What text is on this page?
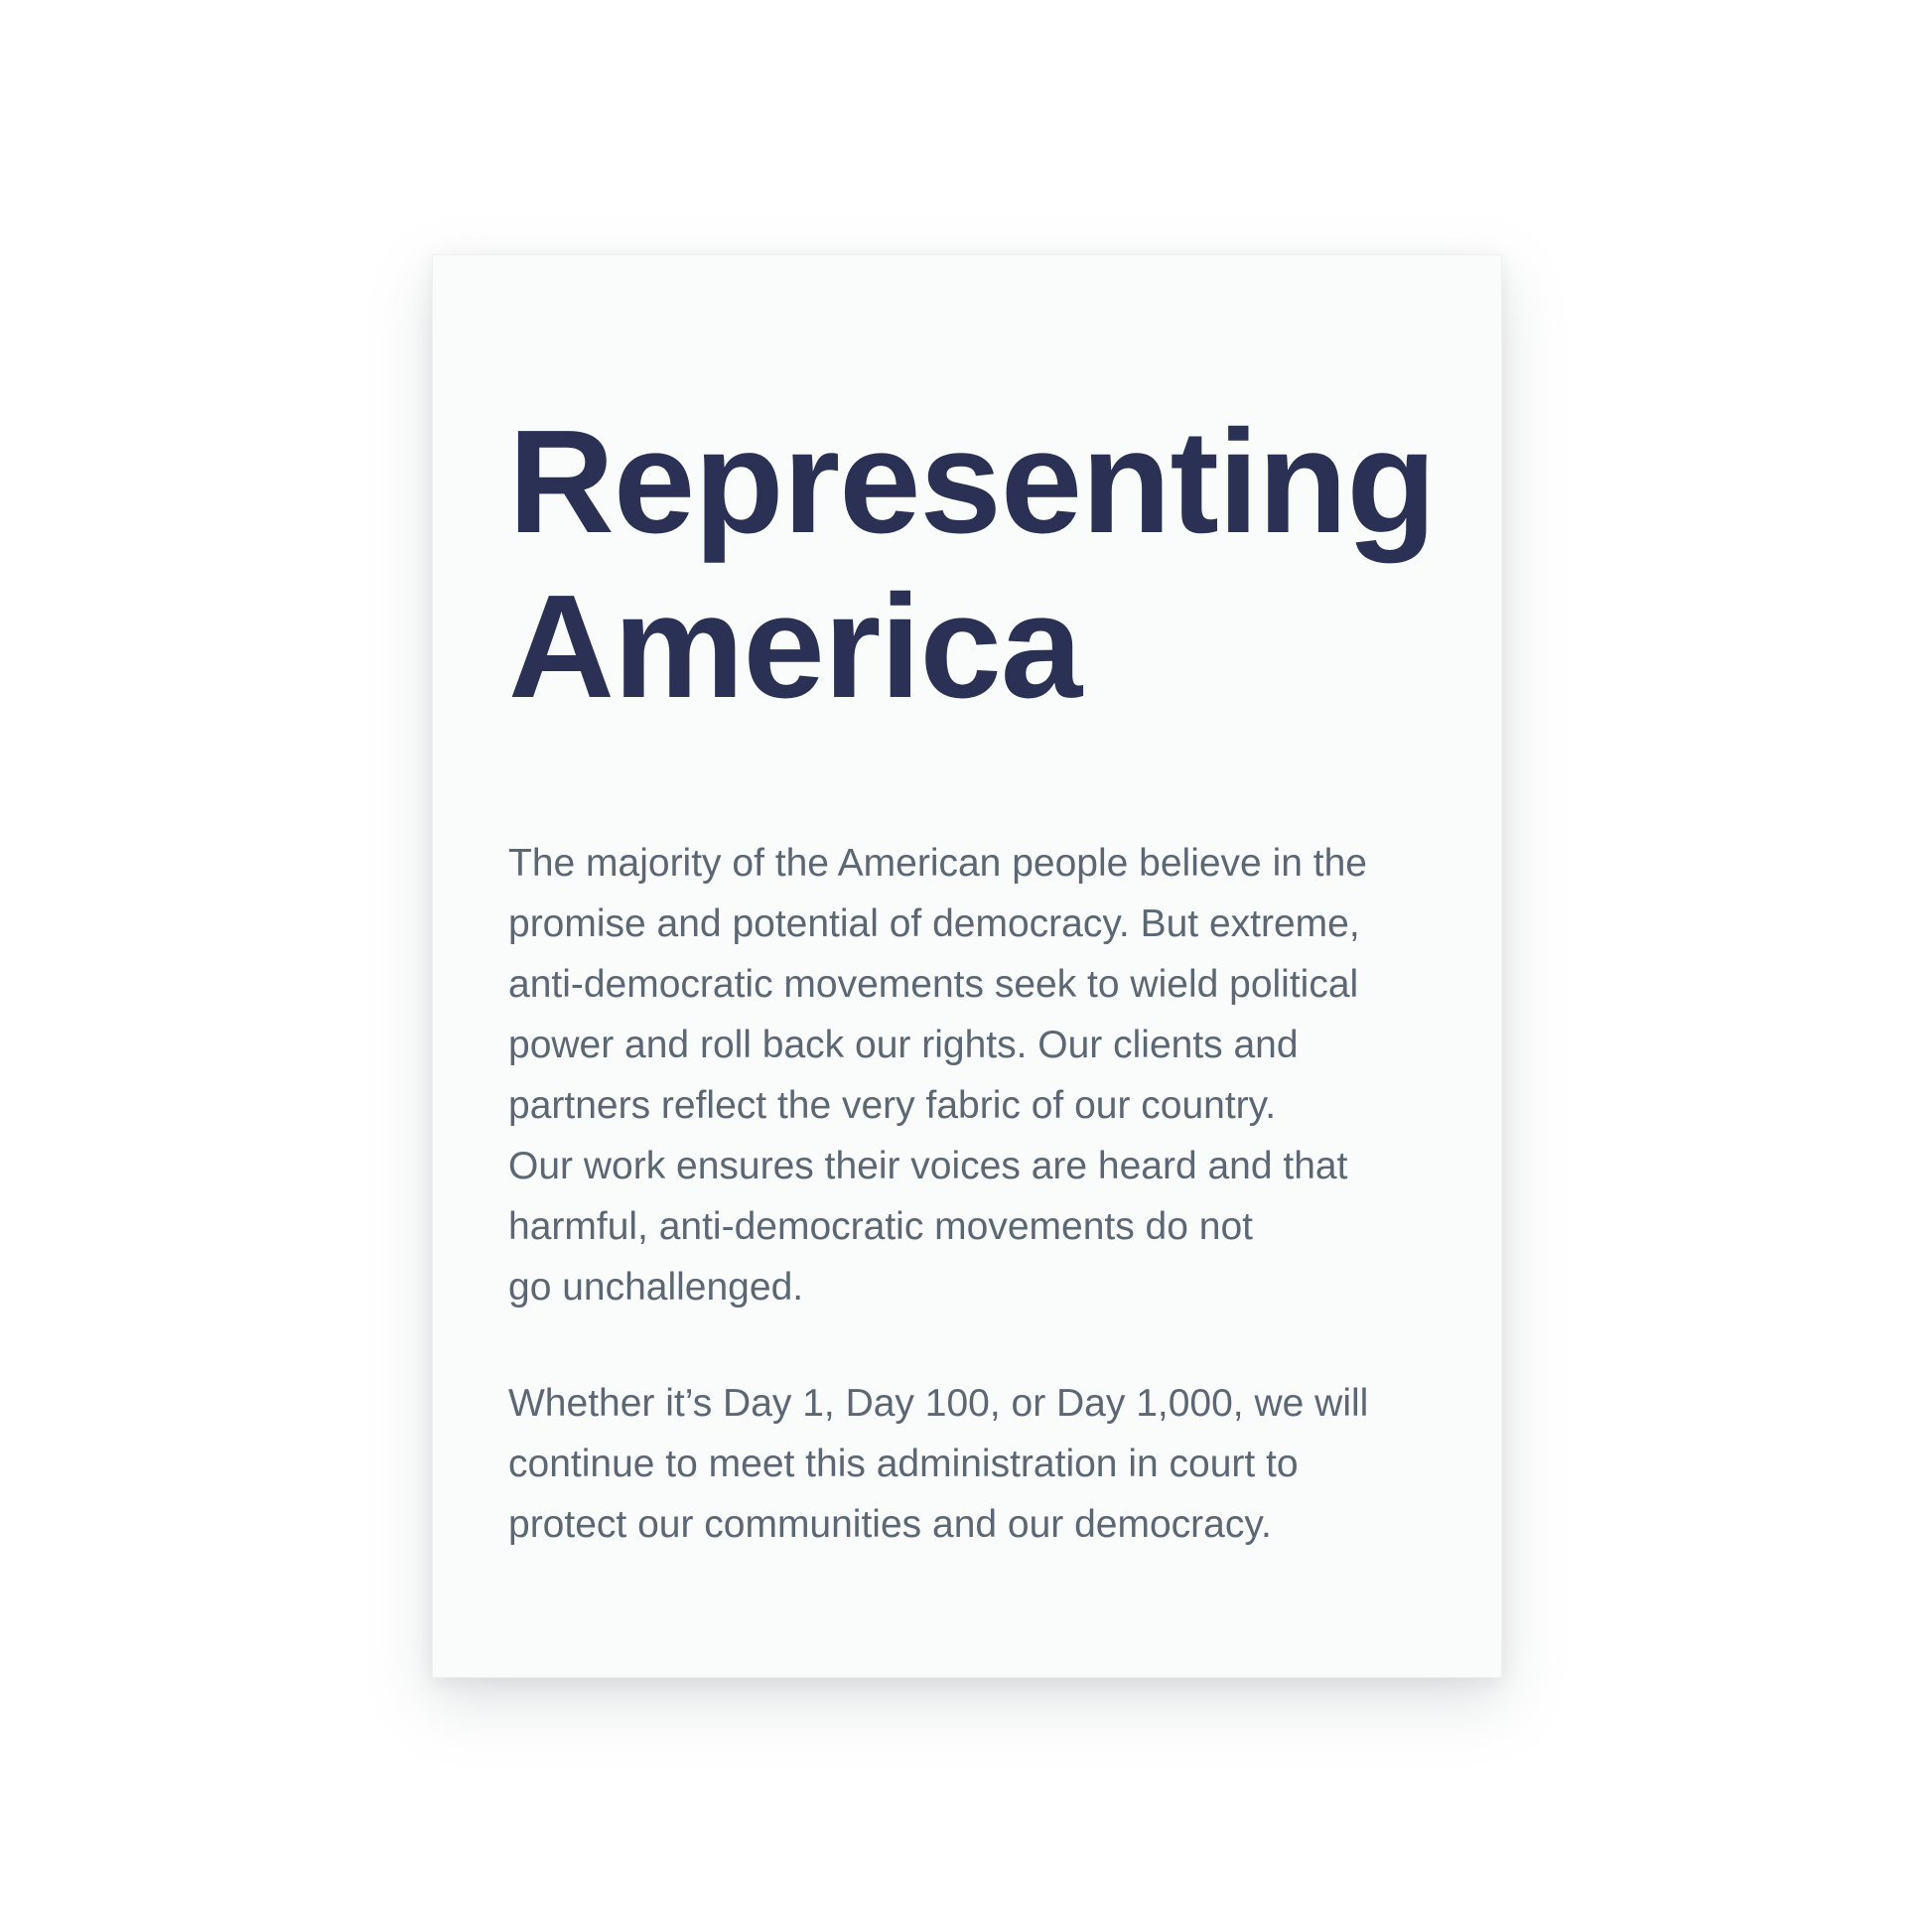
Representing
America

The majority of the American people believe in the
promise and potential of democracy. But extreme,
anti-democratic movements seek to wield political
power and roll back our rights. Our clients and
partners reflect the very fabric of our country.
Our work ensures their voices are heard and that
harmful, anti-democratic movements do not
go unchallenged.

Whether it’s Day 1, Day 100, or Day 1,000, we will
continue to meet this administration in court to
protect our communities and our democracy.
